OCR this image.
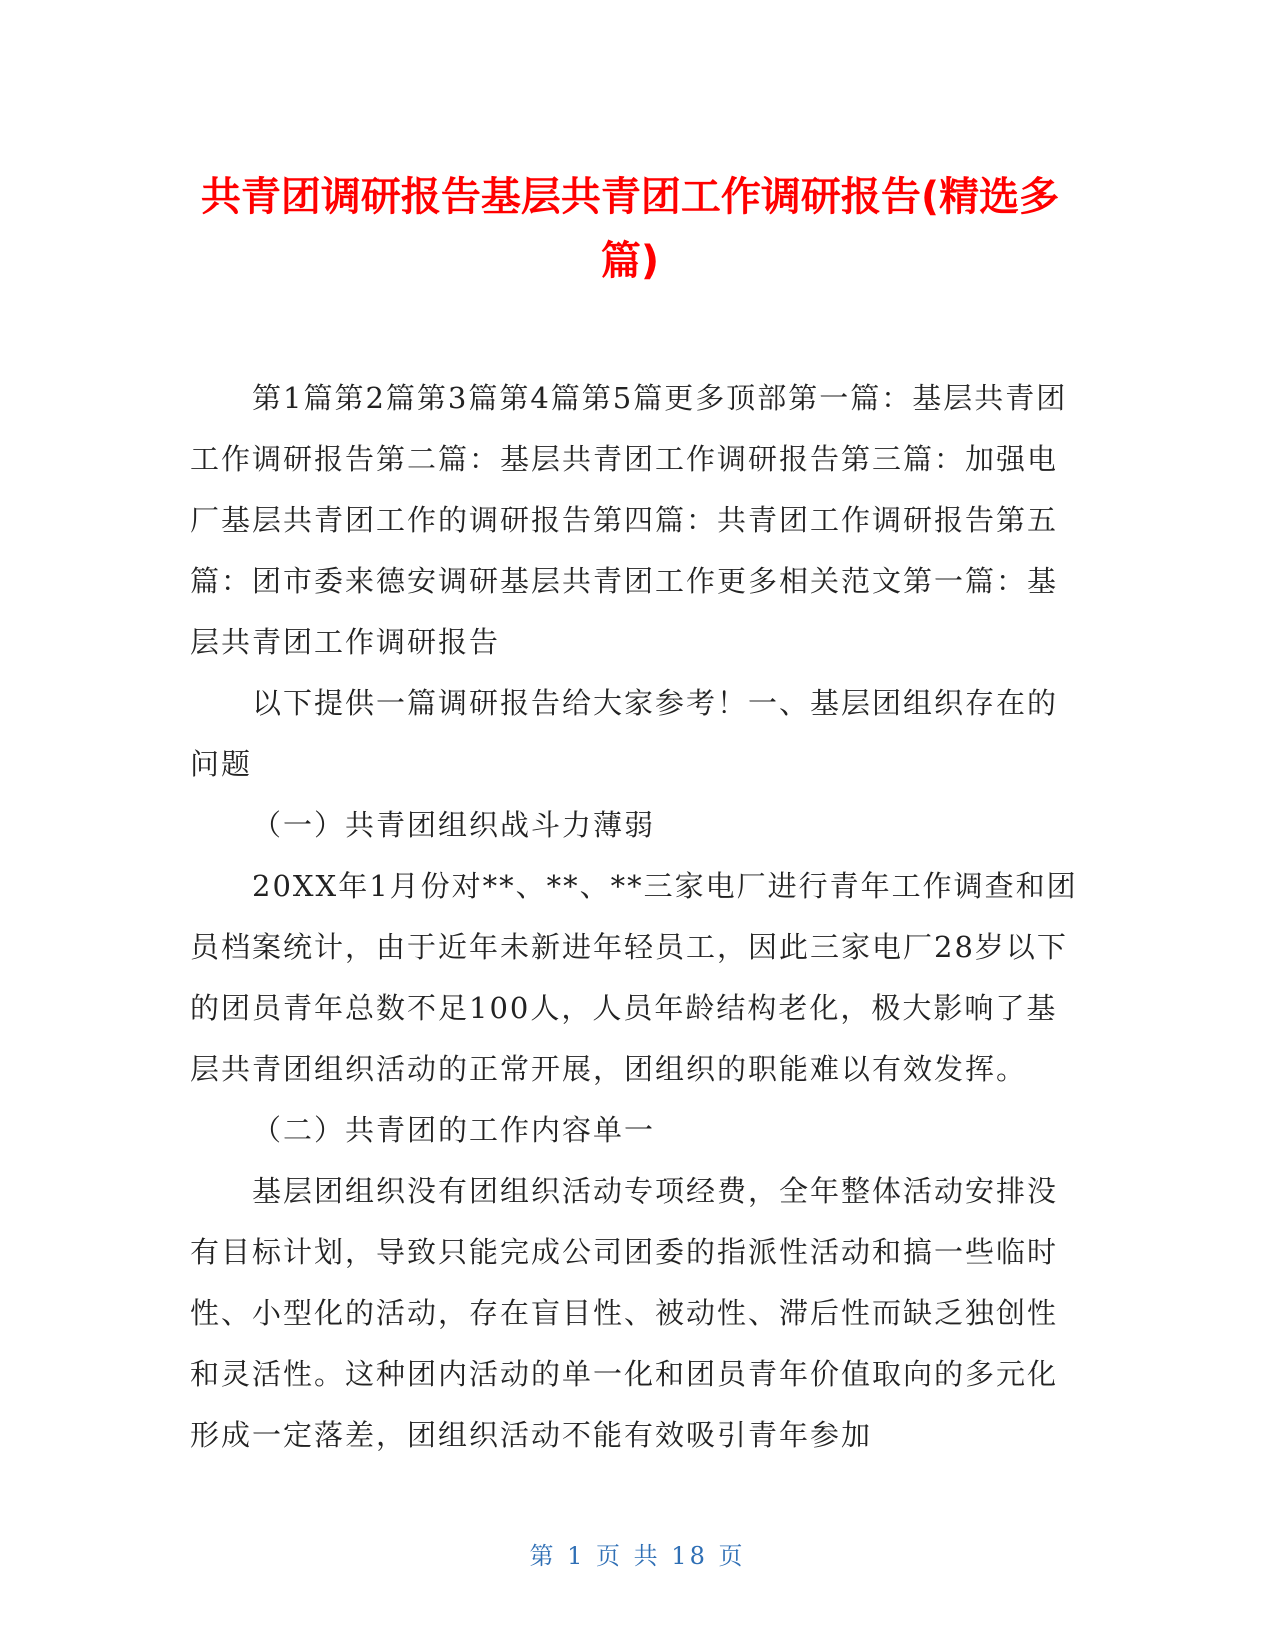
共青团调研报告基层共青团工作调研报告(精选多篇)

第1篇第2篇第3篇第4篇第5篇更多顶部第一篇：基层共青团工作调研报告第二篇：基层共青团工作调研报告第三篇：加强电厂基层共青团工作的调研报告第四篇：共青团工作调研报告第五篇：团市委来德安调研基层共青团工作更多相关范文第一篇：基层共青团工作调研报告

以下提供一篇调研报告给大家参考！一、基层团组织存在的问题

（一）共青团组织战斗力薄弱

20XX年1月份对**、**、**三家电厂进行青年工作调查和团员档案统计，由于近年未新进年轻员工，因此三家电厂28岁以下的团员青年总数不足100人，人员年龄结构老化，极大影响了基层共青团组织活动的正常开展，团组织的职能难以有效发挥。

（二）共青团的工作内容单一

基层团组织没有团组织活动专项经费，全年整体活动安排没有目标计划，导致只能完成公司团委的指派性活动和搞一些临时性、小型化的活动，存在盲目性、被动性、滞后性而缺乏独创性和灵活性。这种团内活动的单一化和团员青年价值取向的多元化形成一定落差，团组织活动不能有效吸引青年参加

第 1 页 共 18 页
